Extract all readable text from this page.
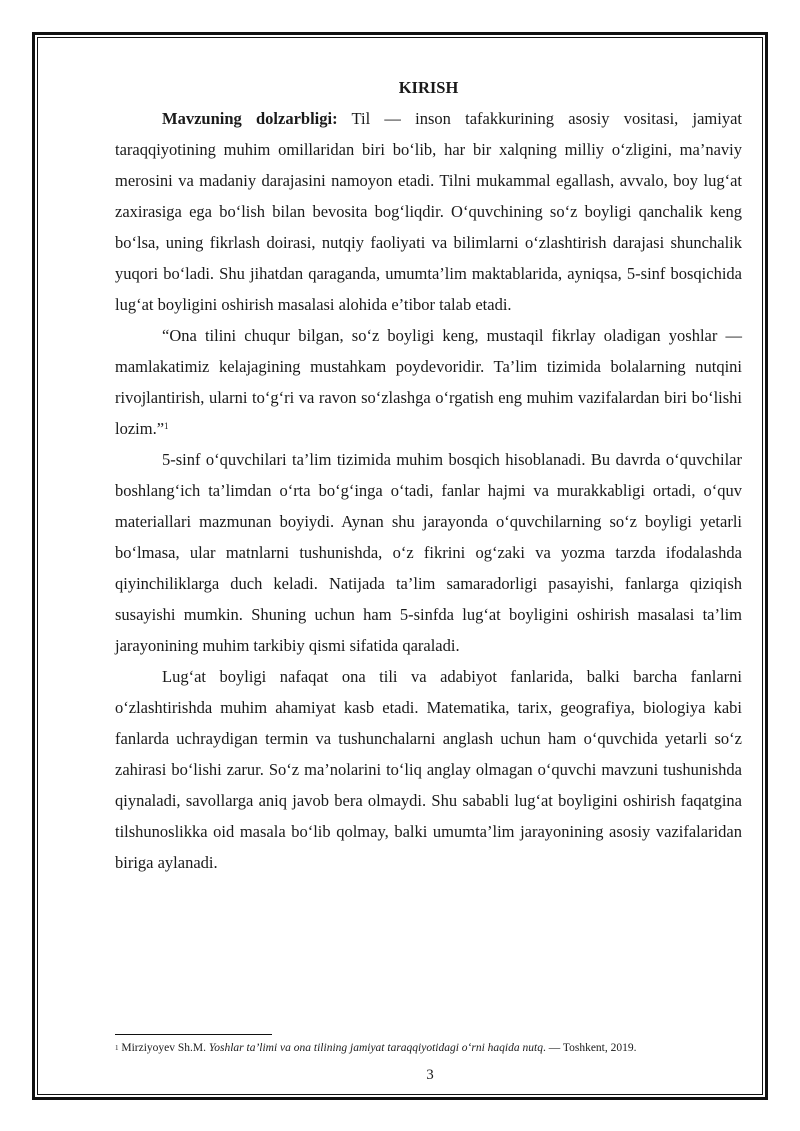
KIRISH

Mavzuning dolzarbligi: Til — inson tafakkurining asosiy vositasi, jamiyat taraqqiyotining muhim omillaridan biri bo‘lib, har bir xalqning milliy o‘zligini, ma’naviy merosini va madaniy darajasini namoyon etadi. Tilni mukammal egallash, avvalo, boy lug‘at zaxirasiga ega bo‘lish bilan bevosita bog‘liqdir. O‘quvchining so‘z boyligi qanchalik keng bo‘lsa, uning fikrlash doirasi, nutqiy faoliyati va bilimlarni o‘zlashtirish darajasi shunchalik yuqori bo‘ladi. Shu jihatdan qaraganda, umumta’lim maktablarida, ayniqsa, 5-sinf bosqichida lug‘at boyligini oshirish masalasi alohida e’tibor talab etadi.

“Ona tilini chuqur bilgan, so‘z boyligi keng, mustaqil fikrlay oladigan yoshlar — mamlakatimiz kelajagining mustahkam poydevoridir. Ta’lim tizimida bolalarning nutqini rivojlantirish, ularni to‘g‘ri va ravon so‘zlashga o‘rgatish eng muhim vazifalardan biri bo‘lishi lozim.”$^1$

5-sinf o‘quvchilari ta’lim tizimida muhim bosqich hisoblanadi. Bu davrda o‘quvchilar boshlang‘ich ta’limdan o‘rta bo‘g‘inga o‘tadi, fanlar hajmi va murakkabligi ortadi, o‘quv materiallari mazmunan boyiydi. Aynan shu jarayonda o‘quvchilarning so‘z boyligi yetarli bo‘lmasa, ular matnlarni tushunishda, o‘z fikrini og‘zaki va yozma tarzda ifodalashda qiyinchiliklarga duch keladi. Natijada ta’lim samaradorligi pasayishi, fanlarga qiziqish susayishi mumkin. Shuning uchun ham 5-sinfda lug‘at boyligini oshirish masalasi ta’lim jarayonining muhim tarkibiy qismi sifatida qaraladi.

Lug‘at boyligi nafaqat ona tili va adabiyot fanlarida, balki barcha fanlarni o‘zlashtirishda muhim ahamiyat kasb etadi. Matematika, tarix, geografiya, biologiya kabi fanlarda uchraydigan termin va tushunchalarni anglash uchun ham o‘quvchida yetarli so‘z zahirasi bo‘lishi zarur. So‘z ma’nolarini to‘liq anglay olmagan o‘quvchi mavzuni tushunishda qiynaladi, savollarga aniq javob bera olmaydi. Shu sababli lug‘at boyligini oshirish faqatgina tilshunoslikka oid masala bo‘lib qolmay, balki umumta’lim jarayonining asosiy vazifalaridan biriga aylanadi.

$^1$ Mirziyoyev Sh.M. Yoshlar ta’limi va ona tilining jamiyat taraqqiyotidagi o‘rni haqida nutq. — Toshkent, 2019.
3
